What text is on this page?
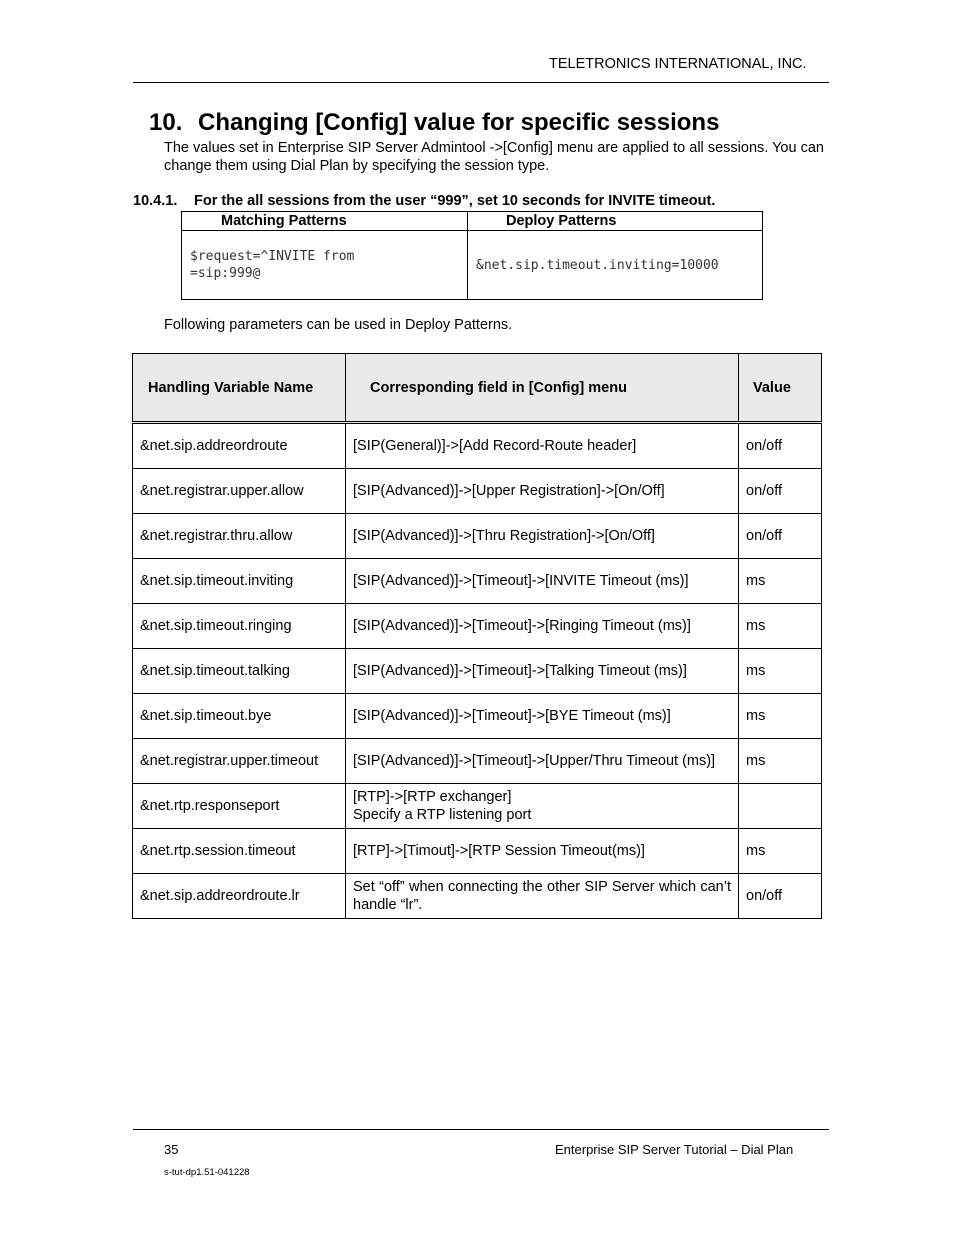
TELETRONICS INTERNATIONAL, INC.
10. Changing [Config] value for specific sessions
The values set in Enterprise SIP Server Admintool ->[Config] menu are applied to all sessions. You can change them using Dial Plan by specifying the session type.
10.4.1. For the all sessions from the user “999”, set 10 seconds for INVITE timeout.
Matching Patterns	Deploy Patterns
$request=^INVITE from=sip:999@	&net.sip.timeout.inviting=10000
Following parameters can be used in Deploy Patterns.
Handling Variable Name	Corresponding field in [Config] menu	Value
&net.sip.addreordroute	[SIP(General)]->[Add Record-Route header]	on/off
&net.registrar.upper.allow	[SIP(Advanced)]->[Upper Registration]->[On/Off]	on/off
&net.registrar.thru.allow	[SIP(Advanced)]->[Thru Registration]->[On/Off]	on/off
&net.sip.timeout.inviting	[SIP(Advanced)]->[Timeout]->[INVITE Timeout (ms)]	ms
&net.sip.timeout.ringing	[SIP(Advanced)]->[Timeout]->[Ringing Timeout (ms)]	ms
&net.sip.timeout.talking	[SIP(Advanced)]->[Timeout]->[Talking Timeout (ms)]	ms
&net.sip.timeout.bye	[SIP(Advanced)]->[Timeout]->[BYE Timeout (ms)]	ms
&net.registrar.upper.timeout	[SIP(Advanced)]->[Timeout]->[Upper/Thru Timeout (ms)]	ms
&net.rtp.responseport	[RTP]->[RTP exchanger]
Specify a RTP listening port	

&net.rtp.session.timeout	[RTP]->[Timout]->[RTP Session Timeout(ms)]	ms
&net.sip.addreordroute.lr	Set “off” when connecting the other SIP Server which can’t handle “lr”.	on/off
35	Enterprise SIP Server Tutorial – Dial Plan
s-tut-dp1.51-041228
